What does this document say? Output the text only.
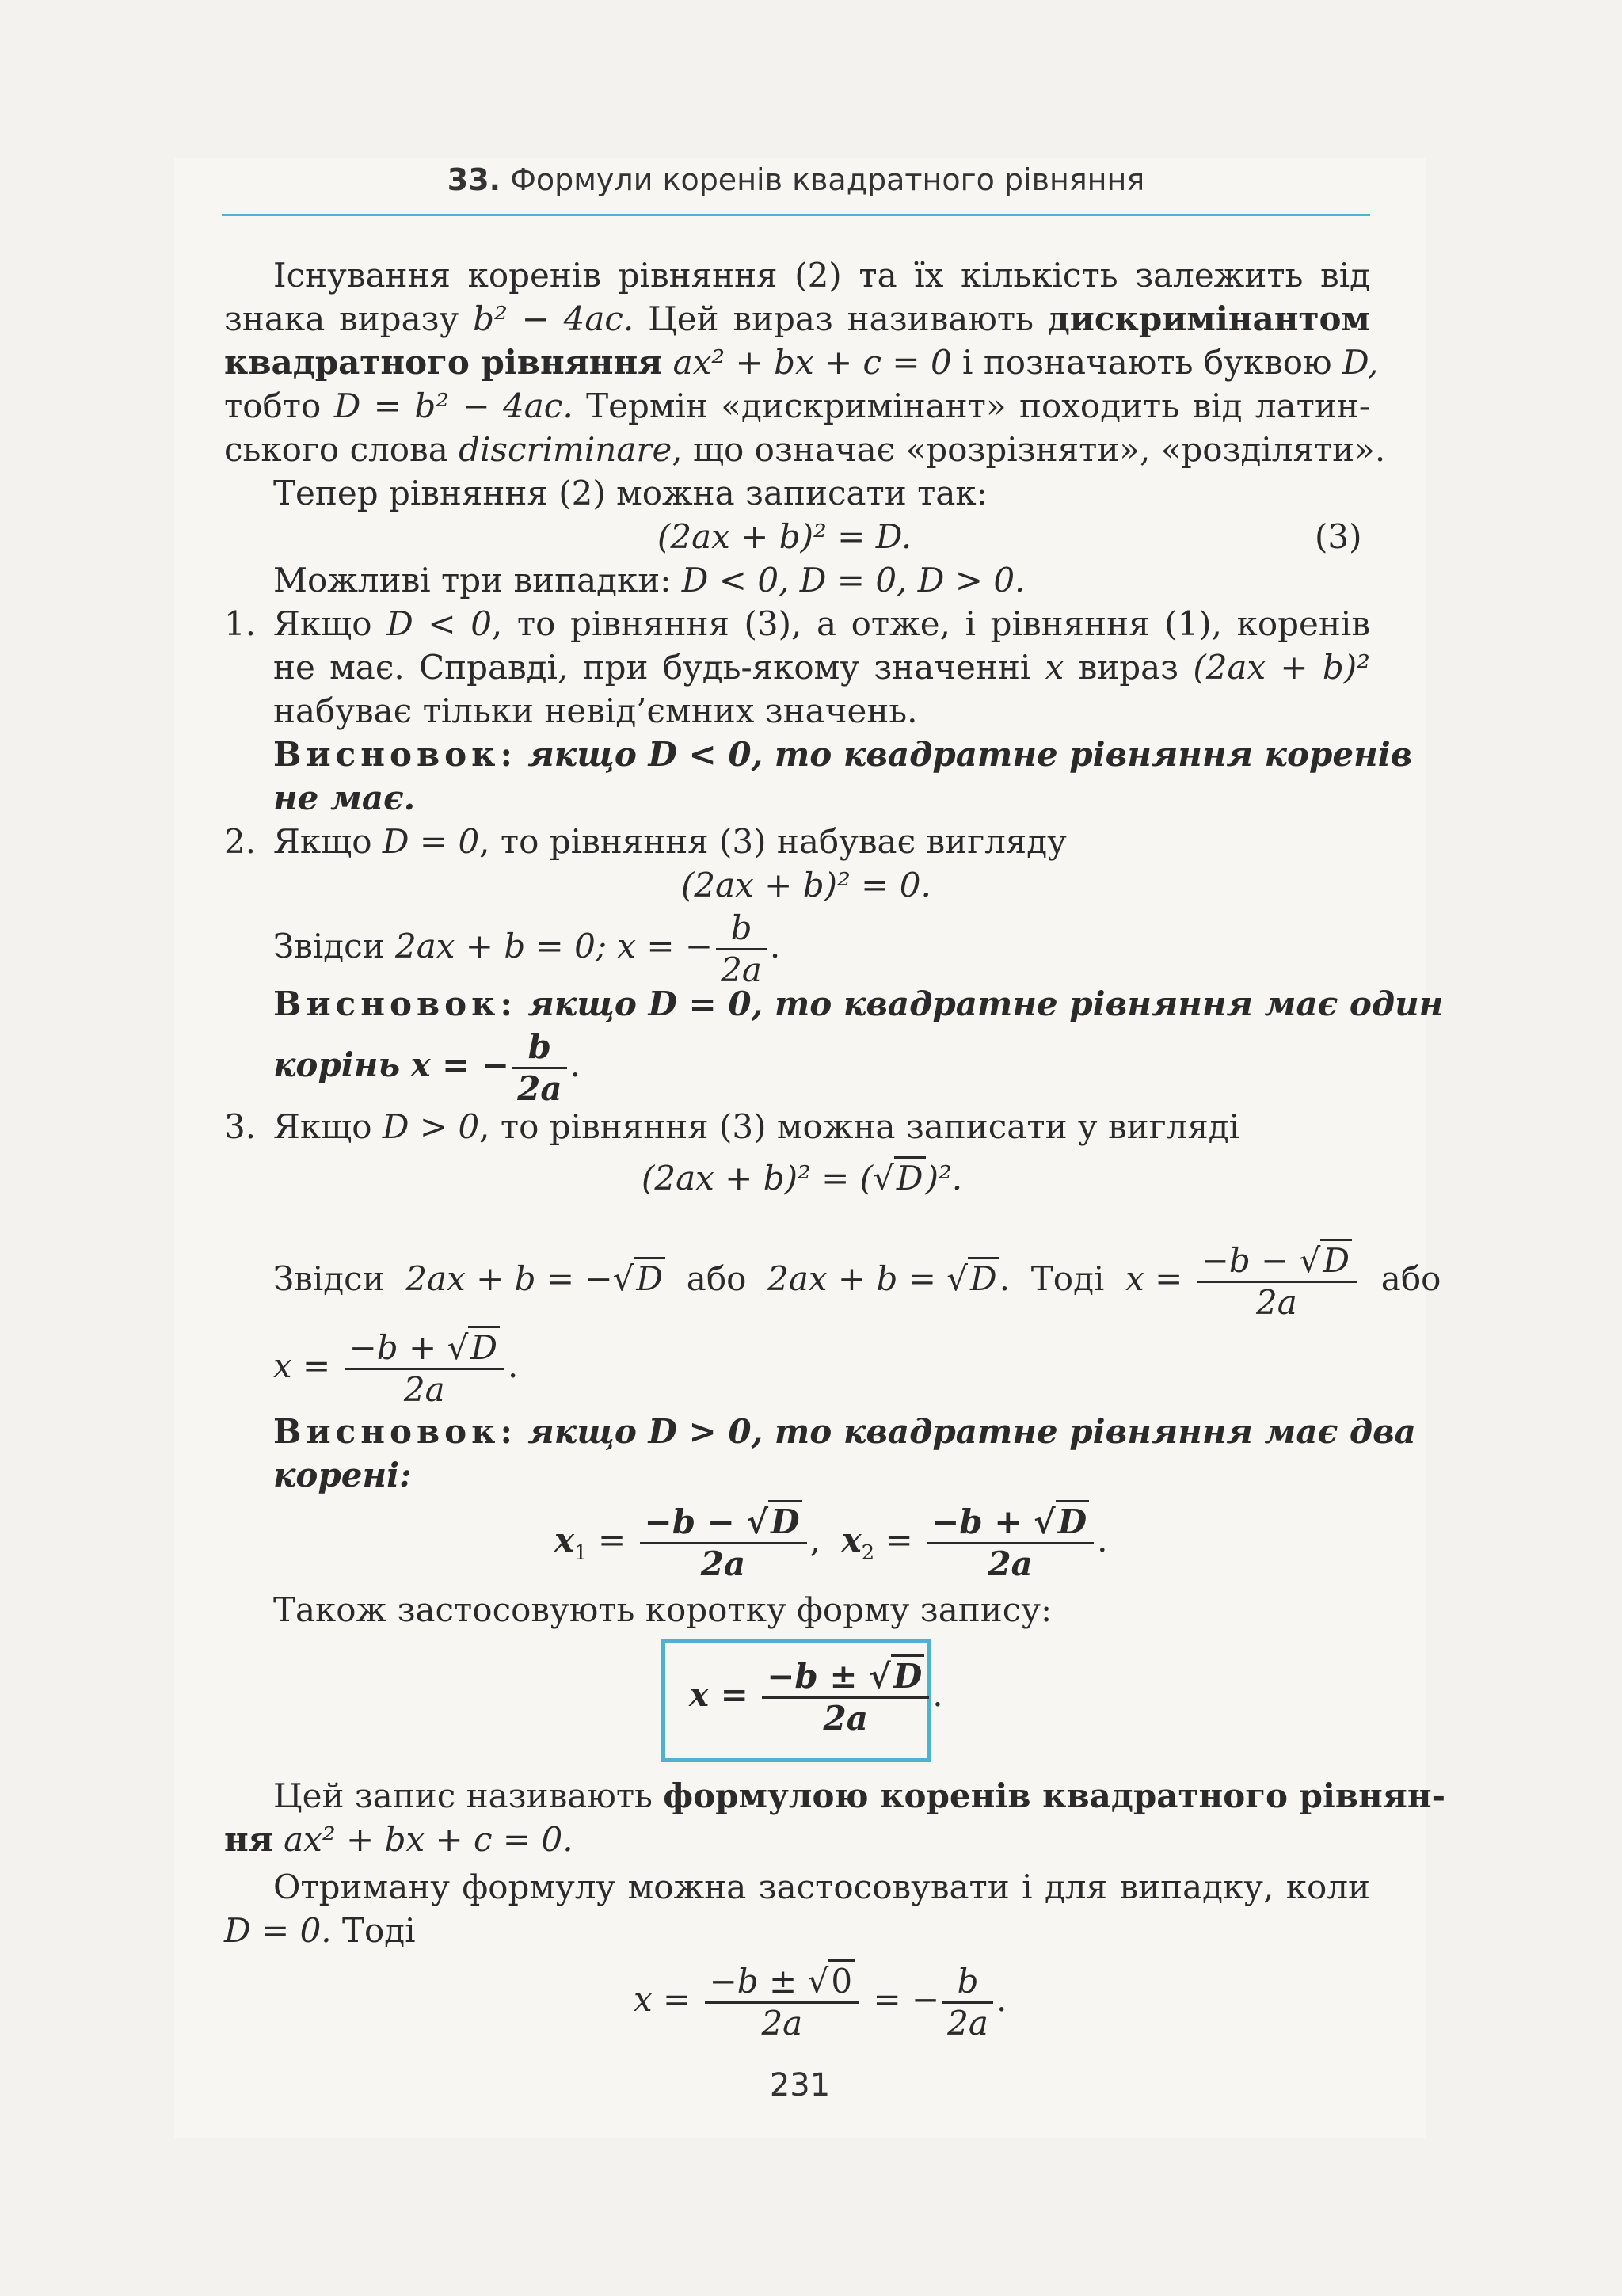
33. Формули коренів квадратного рівняння
Існування коренів рівняння (2) та їх кількість залежить від
знака виразу b² − 4ac. Цей вираз називають дискримінантом
квадратного рівняння ax² + bx + c = 0 і позначають буквою D,
тобто D = b² − 4ac. Термін «дискримінант» походить від латин-
ського слова discriminare, що означає «розрізняти», «розділяти».
Тепер рівняння (2) можна записати так:
(2ax + b)² = D.	(3)
Можливі три випадки: D < 0, D = 0, D > 0.
1. Якщо D < 0, то рівняння (3), а отже, і рівняння (1), коренів
не має. Справді, при будь-якому значенні x вираз (2ax + b)²
набуває тільки невід’ємних значень.
Висновок: якщо D < 0, то квадратне рівняння коренів
не має.
2. Якщо D = 0, то рівняння (3) набуває вигляду
(2ax + b)² = 0.
Звідси 2ax + b = 0; x = − $\frac{b}{2a}$ .
Висновок: якщо D = 0, то квадратне рівняння має один
корінь x = − $\frac{b}{2a}$ .
3. Якщо D > 0, то рівняння (3) можна записати у вигляді
(2ax + b)² = (√D)².
Звідси 2ax + b = −√D або 2ax + b = √D.  Тоді $x = \frac{-b - √D}{2a}$ або
$x = \frac{-b + √D}{2a}$ .
Висновок: якщо D > 0, то квадратне рівняння має два
корені:
$x_1 = \frac{-b - √D}{2a}$ ,  $x_2 = \frac{-b + √D}{2a}$ .
Також застосовують коротку форму запису:
$x = \frac{-b \pm √D}{2a}$ .
Цей запис називають формулою коренів квадратного рівнян-
ня ax² + bx + c = 0.
Отриману формулу можна застосовувати і для випадку, коли
D = 0. Тоді
$x = \frac{-b \pm √0}{2a}$ = − $\frac{b}{2a}$ .
231
